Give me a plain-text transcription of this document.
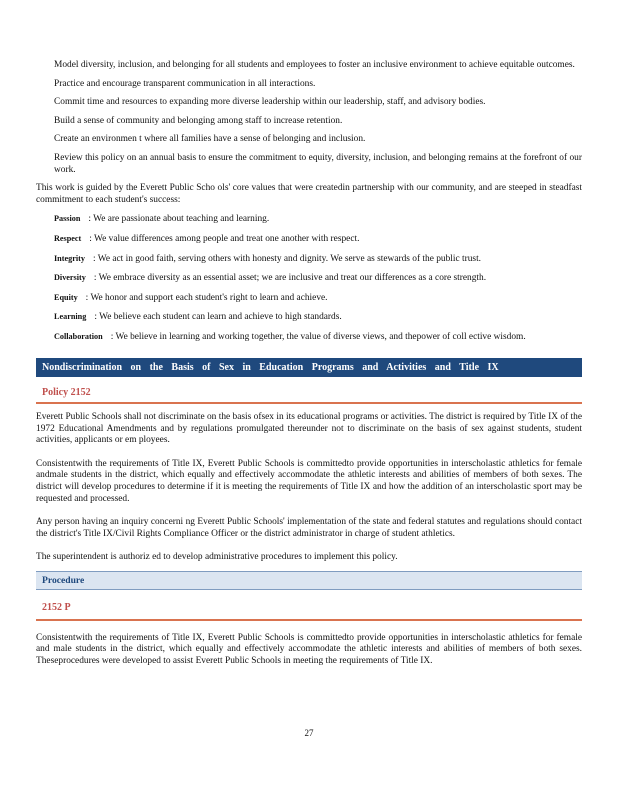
Model diversity, inclusion, and belonging for all students and employees to foster an inclusive environment to achieve equitable outcomes.
Practice and encourage transparent communication in all interactions.
Commit time and resources to expanding more diverse leadership within our leadership, staff, and advisory bodies.
Build a sense of community and belonging among staff to increase retention.
Create an environmen t where all families have a sense of belonging and inclusion.
Review this policy on an annual basis to ensure the commitment to equity, diversity, inclusion, and belonging remains at the forefront of our work.

This work is guided by the Everett Public Scho ols' core values that were createdin partnership with our community, and are steeped in steadfast commitment to each student's success:

Passion : We are passionate about teaching and learning.
Respect : We value differences among people and treat one another with respect.
Integrity : We act in good faith, serving others with honesty and dignity. We serve as stewards of the public trust.
Diversity : We embrace diversity as an essential asset; we are inclusive and treat our differences as a core strength.
Equity : We honor and support each student's right to learn and achieve.
Learning : We believe each student can learn and achieve to high standards.
Collaboration : We believe in learning and working together, the value of diverse views, and thepower of coll ective wisdom.
Nondiscrimination on the Basis of Sex in Education Programs and Activities and Title IX
Policy 2152

Everett Public Schools shall not discriminate on the basis ofsex in its educational programs or activities. The district is required by Title IX of the 1972 Educational Amendments and by regulations promulgated thereunder not to discriminate on the basis of sex against students, student activities, applicants or em ployees.

Consistentwith the requirements of Title IX, Everett Public Schools is committedto provide opportunities in interscholastic athletics for female andmale students in the district, which equally and effectively accommodate the athletic interests and abilities of members of both sexes. The district will develop procedures to determine if it is meeting the requirements of Title IX and how the addition of an interscholastic sport may be requested and processed.

Any person having an inquiry concerni ng Everett Public Schools' implementation of the state and federal statutes and regulations should contact the district's Title IX/Civil Rights Compliance Officer or the district administrator in charge of student athletics.

The superintendent is authoriz ed to develop administrative procedures to implement this policy.

Procedure
2152 P

Consistentwith the requirements of Title IX, Everett Public Schools is committedto provide opportunities in interscholastic athletics for female and male students in the district, which equally and effectively accommodate the athletic interests and abilities of members of both sexes. Theseprocedures were developed to assist Everett Public Schools in meeting the requirements of Title IX.

27
